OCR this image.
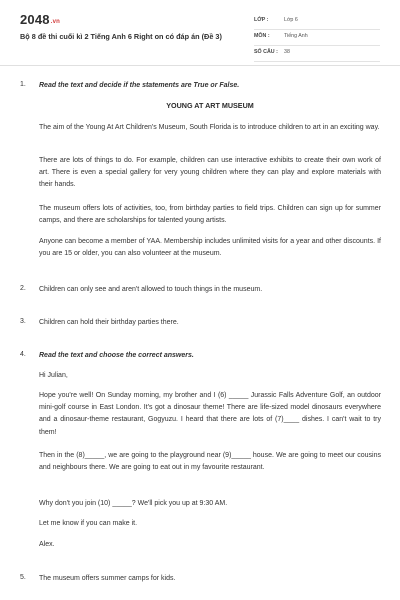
2048.vn
Bộ 8 đề thi cuối kì 2 Tiếng Anh 6 Right on có đáp án (Đề 3)
LỚP :	Lớp 6
MÔN :	Tiếng Anh
SỐ CÂU : 38
1. Read the text and decide if the statements are True or False.
YOUNG AT ART MUSEUM
The aim of the Young At Art Children's Museum, South Florida is to introduce children to art in an exciting way.
There are lots of things to do. For example, children can use interactive exhibits to create their own work of art. There is even a special gallery for very young children where they can play and explore materials with their hands.
The museum offers lots of activities, too, from birthday parties to field trips. Children can sign up for summer camps, and there are scholarships for talented young artists.
Anyone can become a member of YAA. Membership includes unlimited visits for a year and other discounts. If you are 15 or older, you can also volunteer at the museum.
2. Children can only see and aren't allowed to touch things in the museum.
3. Children can hold their birthday parties there.
4. Read the text and choose the correct answers.
Hi Julian,
Hope you're well! On Sunday morning, my brother and I (6) _____ Jurassic Falls Adventure Golf, an outdoor mini-golf course in East London. It's got a dinosaur theme! There are life-sized model dinosaurs everywhere and a dinosaur-theme restaurant, Gogyuzu. I heard that there are lots of (7)____ dishes. I can't wait to try them!
Then in the (8)_____, we are going to the playground near (9)_____ house. We are going to meet our cousins and neighbours there. We are going to eat out in my favourite restaurant.
Why don't you join (10) _____? We'll pick you up at 9:30 AM.
Let me know if you can make it.
Alex.
5. The museum offers summer camps for kids.
